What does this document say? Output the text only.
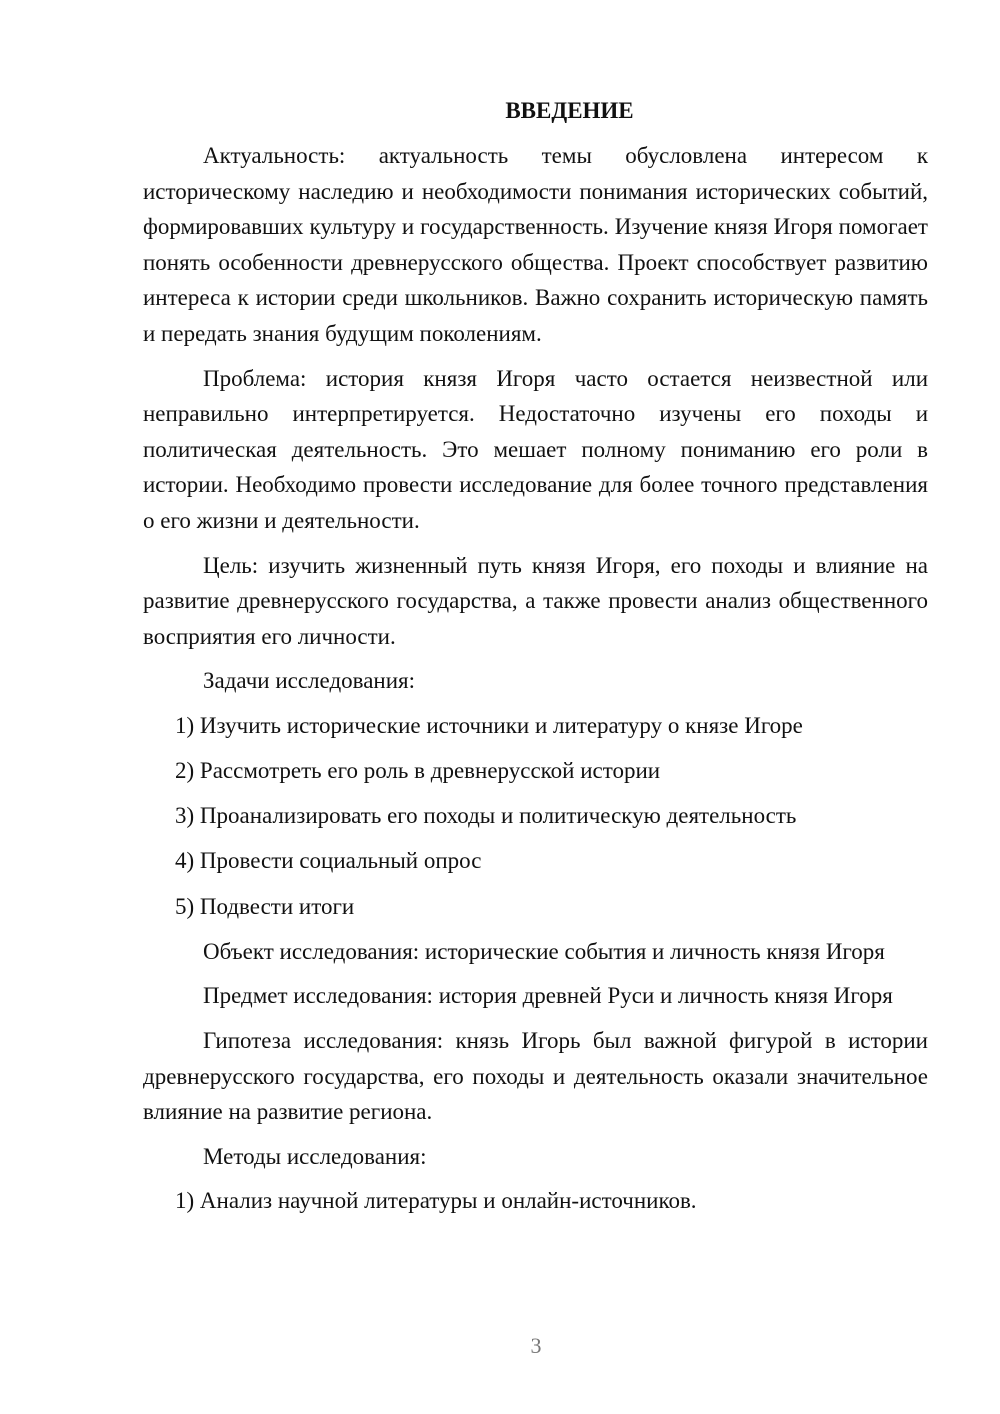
ВВЕДЕНИЕ

Актуальность: актуальность темы обусловлена интересом к историческому наследию и необходимости понимания исторических событий, формировавших культуру и государственность. Изучение князя Игоря помогает понять особенности древнерусского общества. Проект способствует развитию интереса к истории среди школьников. Важно сохранить историческую память и передать знания будущим поколениям.

Проблема: история князя Игоря часто остается неизвестной или неправильно интерпретируется. Недостаточно изучены его походы и политическая деятельность. Это мешает полному пониманию его роли в истории. Необходимо провести исследование для более точного представления о его жизни и деятельности.

Цель: изучить жизненный путь князя Игоря, его походы и влияние на развитие древнерусского государства, а также провести анализ общественного восприятия его личности.

Задачи исследования:

1) Изучить исторические источники и литературу о князе Игоре
2) Рассмотреть его роль в древнерусской истории
3) Проанализировать его походы и политическую деятельность
4) Провести социальный опрос
5) Подвести итоги

Объект исследования: исторические события и личность князя Игоря

Предмет исследования: история древней Руси и личность князя Игоря

Гипотеза исследования: князь Игорь был важной фигурой в истории древнерусского государства, его походы и деятельность оказали значительное влияние на развитие региона.

Методы исследования:

1) Анализ научной литературы и онлайн-источников.
3
